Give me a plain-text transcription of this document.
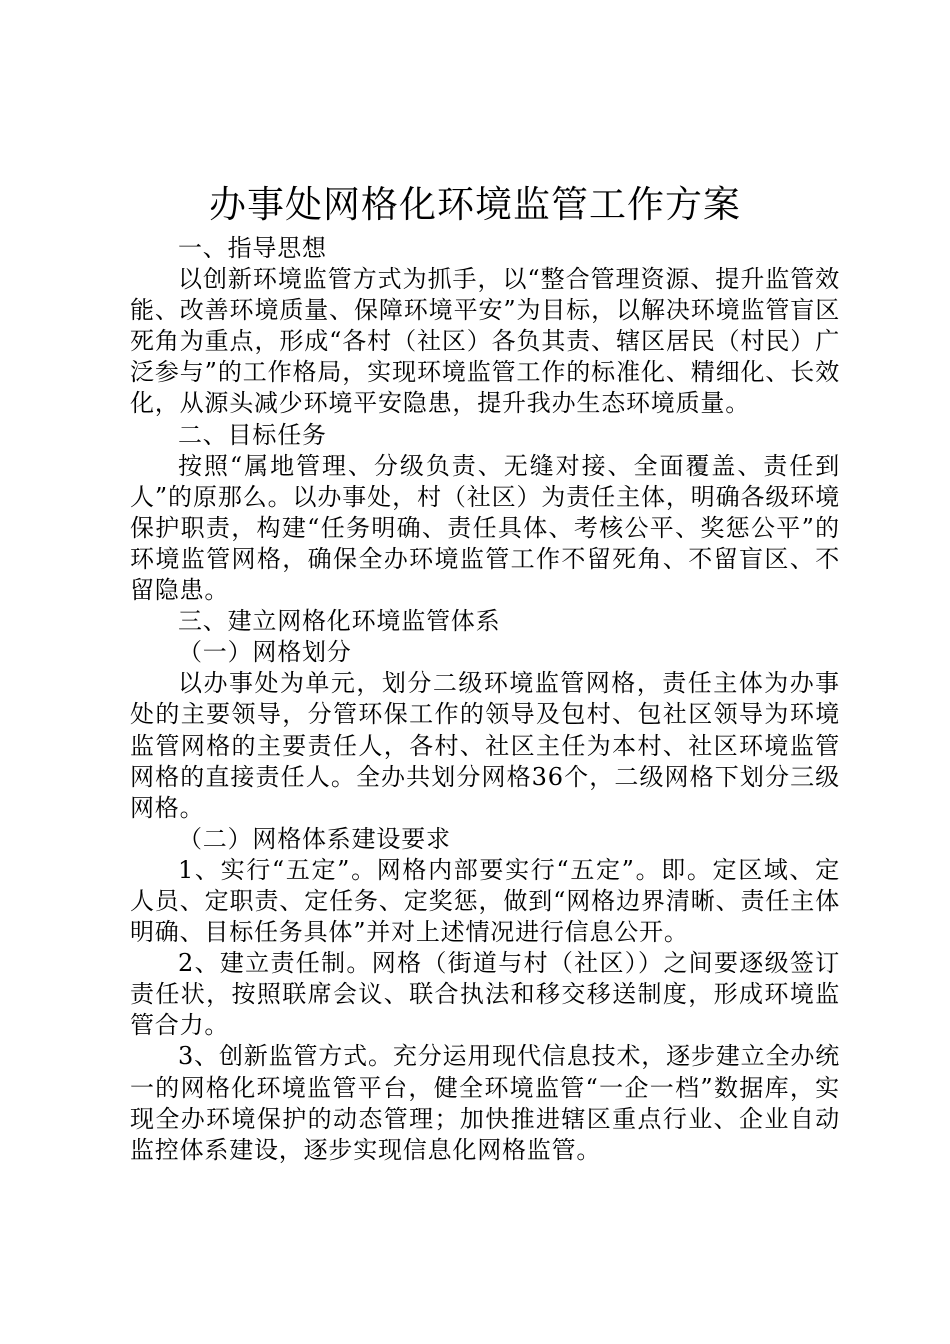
办事处网格化环境监管工作方案

一、指导思想

以创新环境监管方式为抓手，以“整合管理资源、提升监管效能、改善环境质量、保障环境平安”为目标，以解决环境监管盲区死角为重点，形成“各村（社区）各负其责、辖区居民（村民）广泛参与”的工作格局，实现环境监管工作的标准化、精细化、长效化，从源头减少环境平安隐患，提升我办生态环境质量。

二、目标任务

按照“属地管理、分级负责、无缝对接、全面覆盖、责任到人”的原那么。以办事处，村（社区）为责任主体，明确各级环境保护职责，构建“任务明确、责任具体、考核公平、奖惩公平”的环境监管网格，确保全办环境监管工作不留死角、不留盲区、不留隐患。

三、建立网格化环境监管体系

（一）网格划分

以办事处为单元，划分二级环境监管网格，责任主体为办事处的主要领导，分管环保工作的领导及包村、包社区领导为环境监管网格的主要责任人，各村、社区主任为本村、社区环境监管网格的直接责任人。全办共划分网格36个，二级网格下划分三级网格。

（二）网格体系建设要求

1、实行“五定”。网格内部要实行“五定”。即。定区域、定人员、定职责、定任务、定奖惩，做到“网格边界清晰、责任主体明确、目标任务具体”并对上述情况进行信息公开。

2、建立责任制。网格（街道与村（社区））之间要逐级签订责任状，按照联席会议、联合执法和移交移送制度，形成环境监管合力。

3、创新监管方式。充分运用现代信息技术，逐步建立全办统一的网格化环境监管平台，健全环境监管“一企一档”数据库，实现全办环境保护的动态管理；加快推进辖区重点行业、企业自动监控体系建设，逐步实现信息化网格监管。
